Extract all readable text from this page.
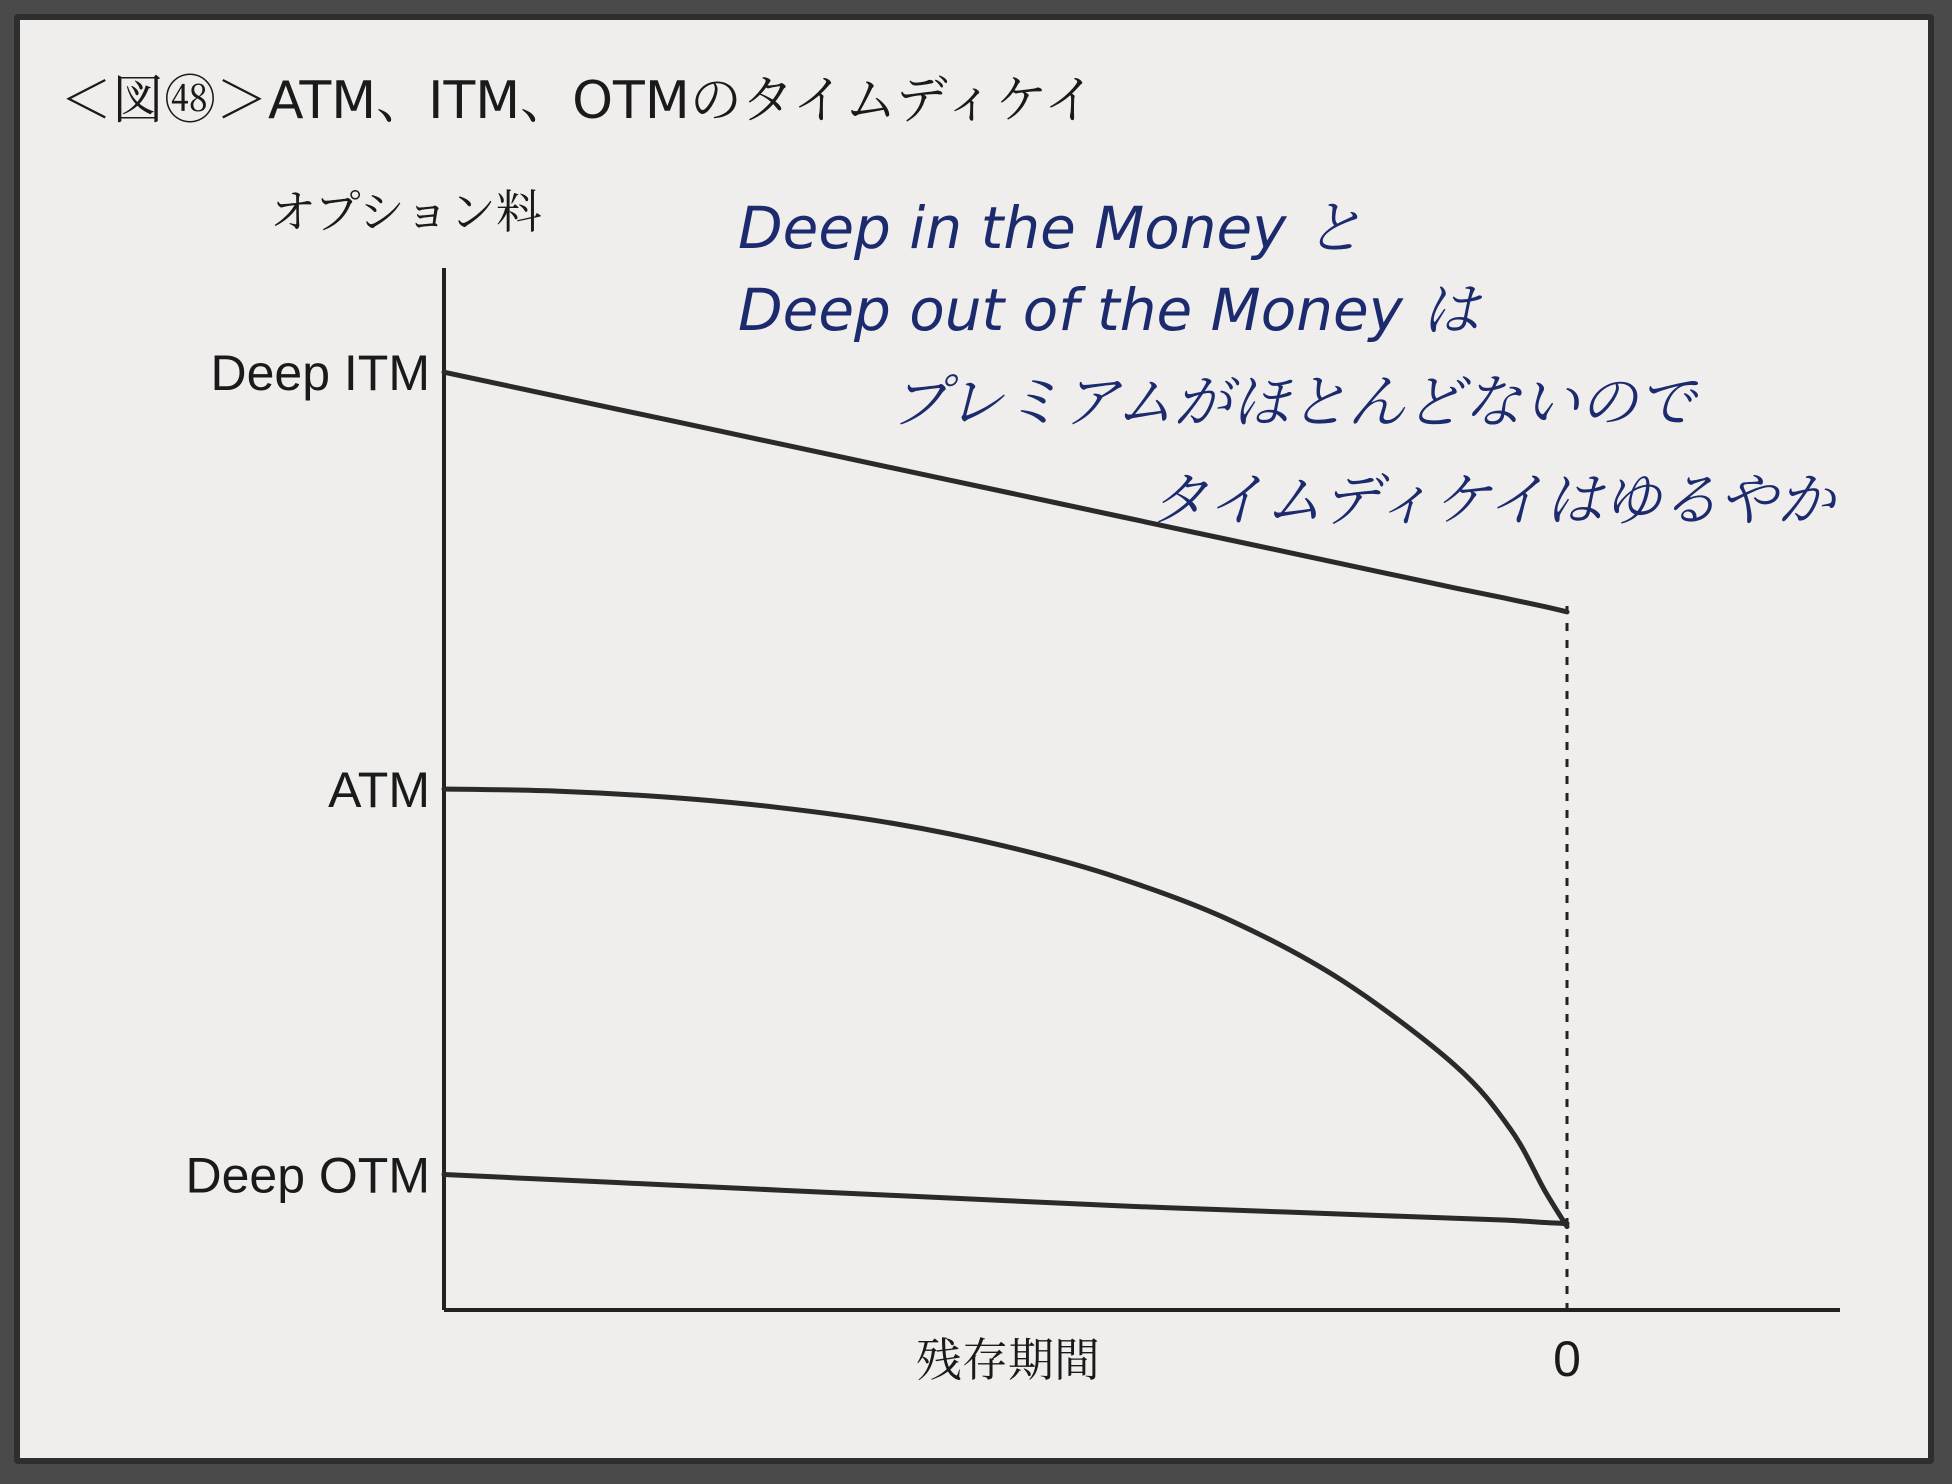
＜図㊽＞ATM、ITM、OTMのタイムディケイ
オプション料
残存期間	0
Deep ITM
ATM
Deep OTM
Deep in the Money と
Deep out of the Money は
プレミアムがほとんどないので
タイムディケイはゆるやか
